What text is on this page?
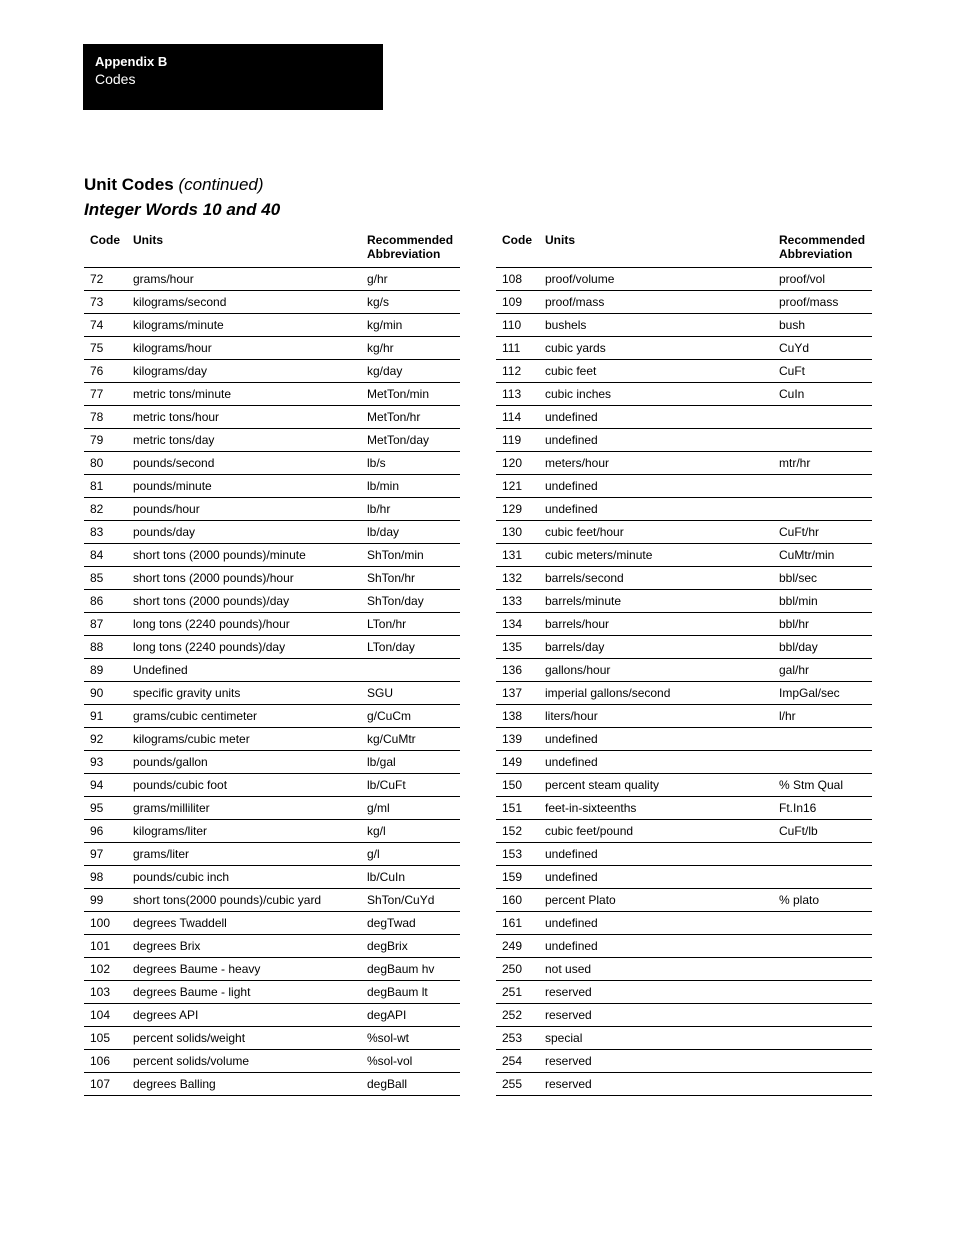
Appendix B
Codes
Unit Codes (continued)
Integer Words 10 and 40
Code	Units	Recommended
Abbreviation
72	grams/hour	g/hr
73	kilograms/second	kg/s
74	kilograms/minute	kg/min
75	kilograms/hour	kg/hr
76	kilograms/day	kg/day
77	metric tons/minute	MetTon/min
78	metric tons/hour	MetTon/hr
79	metric tons/day	MetTon/day
80	pounds/second	lb/s
81	pounds/minute	lb/min
82	pounds/hour	lb/hr
83	pounds/day	lb/day
84	short tons (2000 pounds)/minute	ShTon/min
85	short tons (2000 pounds)/hour	ShTon/hr
86	short tons (2000 pounds)/day	ShTon/day
87	long tons (2240 pounds)/hour	LTon/hr
88	long tons (2240 pounds)/day	LTon/day
89	Undefined	
90	specific gravity units	SGU
91	grams/cubic centimeter	g/CuCm
92	kilograms/cubic meter	kg/CuMtr
93	pounds/gallon	lb/gal
94	pounds/cubic foot	lb/CuFt
95	grams/milliliter	g/ml
96	kilograms/liter	kg/l
97	grams/liter	g/l
98	pounds/cubic inch	lb/CuIn
99	short tons(2000 pounds)/cubic yard	ShTon/CuYd
100	degrees Twaddell	degTwad
101	degrees Brix	degBrix
102	degrees Baume - heavy	degBaum hv
103	degrees Baume - light	degBaum lt
104	degrees API	degAPI
105	percent solids/weight	%sol-wt
106	percent solids/volume	%sol-vol
107	degrees Balling	degBall
Code	Units	Recommended
Abbreviation
108	proof/volume	proof/vol
109	proof/mass	proof/mass
110	bushels	bush
111	cubic yards	CuYd
112	cubic feet	CuFt
113	cubic inches	CuIn
114	undefined	
119	undefined	
120	meters/hour	mtr/hr
121	undefined	
129	undefined	
130	cubic feet/hour	CuFt/hr
131	cubic meters/minute	CuMtr/min
132	barrels/second	bbl/sec
133	barrels/minute	bbl/min
134	barrels/hour	bbl/hr
135	barrels/day	bbl/day
136	gallons/hour	gal/hr
137	imperial gallons/second	ImpGal/sec
138	liters/hour	l/hr
139	undefined	
149	undefined	
150	percent steam quality	% Stm Qual
151	feet-in-sixteenths	Ft.In16
152	cubic feet/pound	CuFt/lb
153	undefined	
159	undefined	
160	percent Plato	% plato
161	undefined	
249	undefined	
250	not used	
251	reserved	
252	reserved	
253	special	
254	reserved	
255	reserved	
